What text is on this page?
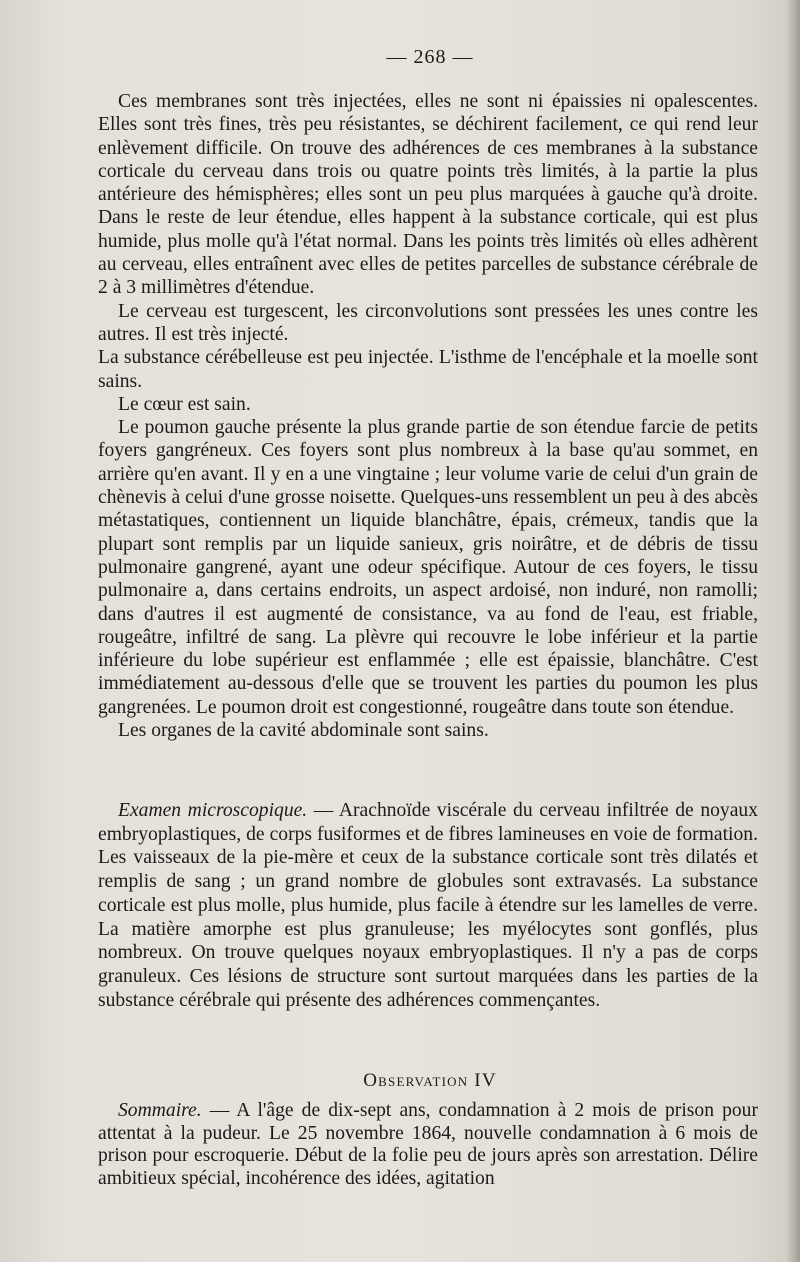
— 268 —

Ces membranes sont très injectées, elles ne sont ni épaissies ni opalescentes. Elles sont très fines, très peu résistantes, se déchirent facilement, ce qui rend leur enlèvement difficile. On trouve des adhérences de ces membranes à la substance corticale du cerveau dans trois ou quatre points très limités, à la partie la plus antérieure des hémisphères; elles sont un peu plus marquées à gauche qu'à droite. Dans le reste de leur étendue, elles happent à la substance corticale, qui est plus humide, plus molle qu'à l'état normal. Dans les points très limités où elles adhèrent au cerveau, elles entraînent avec elles de petites parcelles de substance cérébrale de 2 à 3 millimètres d'étendue.

Le cerveau est turgescent, les circonvolutions sont pressées les unes contre les autres. Il est très injecté.

La substance cérébelleuse est peu injectée. L'isthme de l'encéphale et la moelle sont sains.

Le cœur est sain.

Le poumon gauche présente la plus grande partie de son étendue farcie de petits foyers gangréneux. Ces foyers sont plus nombreux à la base qu'au sommet, en arrière qu'en avant. Il y en a une vingtaine ; leur volume varie de celui d'un grain de chènevis à celui d'une grosse noisette. Quelques-uns ressemblent un peu à des abcès métastatiques, contiennent un liquide blanchâtre, épais, crémeux, tandis que la plupart sont remplis par un liquide sanieux, gris noirâtre, et de débris de tissu pulmonaire gangrené, ayant une odeur spécifique. Autour de ces foyers, le tissu pulmonaire a, dans certains endroits, un aspect ardoisé, non induré, non ramolli; dans d'autres il est augmenté de consistance, va au fond de l'eau, est friable, rougeâtre, infiltré de sang. La plèvre qui recouvre le lobe inférieur et la partie inférieure du lobe supérieur est enflammée ; elle est épaissie, blanchâtre. C'est immédiatement au-dessous d'elle que se trouvent les parties du poumon les plus gangrenées. Le poumon droit est congestionné, rougeâtre dans toute son étendue.

Les organes de la cavité abdominale sont sains.

Examen microscopique. — Arachnoïde viscérale du cerveau infiltrée de noyaux embryoplastiques, de corps fusiformes et de fibres lamineuses en voie de formation. Les vaisseaux de la pie-mère et ceux de la substance corticale sont très dilatés et remplis de sang ; un grand nombre de globules sont extravasés. La substance corticale est plus molle, plus humide, plus facile à étendre sur les lamelles de verre. La matière amorphe est plus granuleuse; les myélocytes sont gonflés, plus nombreux. On trouve quelques noyaux embryoplastiques. Il n'y a pas de corps granuleux. Ces lésions de structure sont surtout marquées dans les parties de la substance cérébrale qui présente des adhérences commençantes.

Observation IV

Sommaire. — A l'âge de dix-sept ans, condamnation à 2 mois de prison pour attentat à la pudeur. Le 25 novembre 1864, nouvelle condamnation à 6 mois de prison pour escroquerie. Début de la folie peu de jours après son arrestation. Délire ambitieux spécial, incohérence des idées, agitation
